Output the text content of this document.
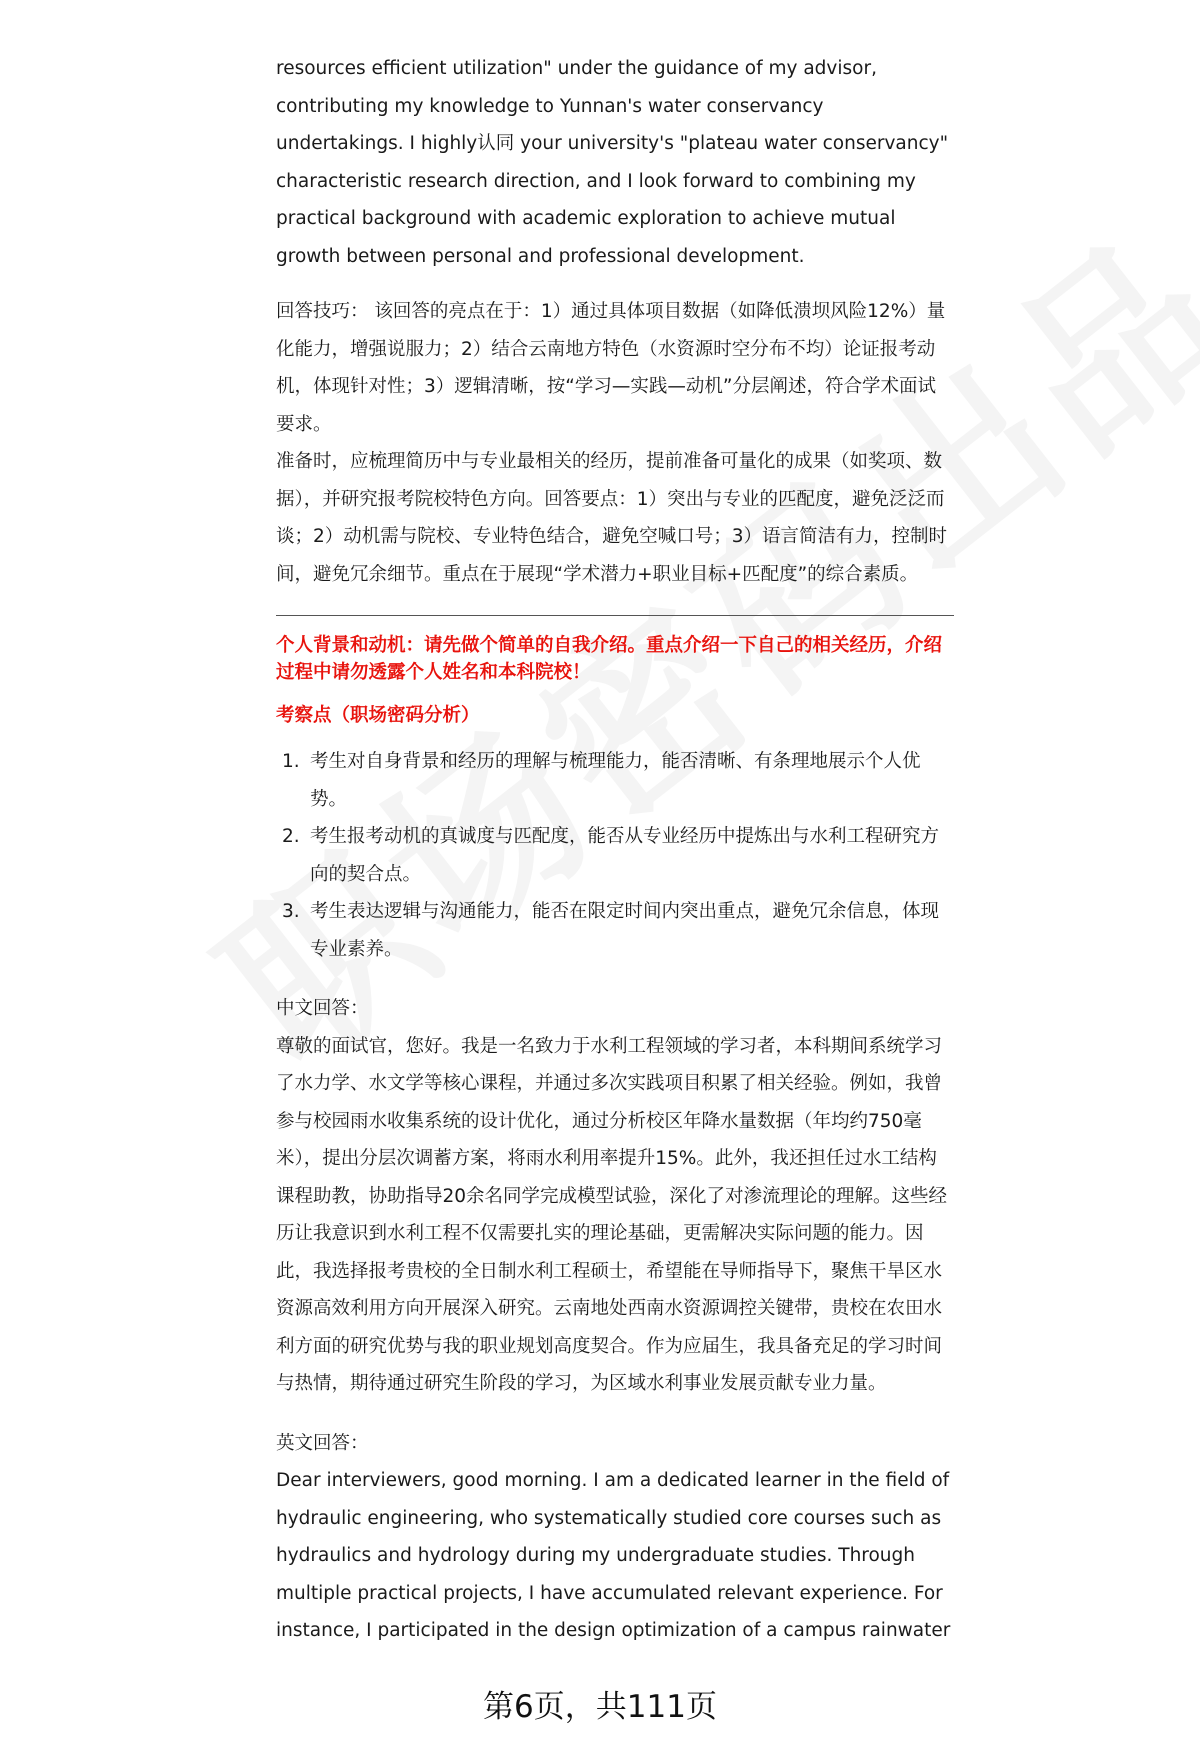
resources efficient utilization" under the guidance of my advisor, contributing my knowledge to Yunnan's water conservancy undertakings. I highly认同 your university's "plateau water conservancy" characteristic research direction, and I look forward to combining my practical background with academic exploration to achieve mutual growth between personal and professional development.

回答技巧： 该回答的亮点在于：1）通过具体项目数据（如降低溃坝风险12%）量化能力，增强说服力；2）结合云南地方特色（水资源时空分布不均）论证报考动机，体现针对性；3）逻辑清晰，按“学习—实践—动机”分层阐述，符合学术面试要求。

准备时，应梳理简历中与专业最相关的经历，提前准备可量化的成果（如奖项、数据），并研究报考院校特色方向。回答要点：1）突出与专业的匹配度，避免泛泛而谈；2）动机需与院校、专业特色结合，避免空喊口号；3）语言简洁有力，控制时间，避免冗余细节。重点在于展现“学术潜力+职业目标+匹配度”的综合素质。

个人背景和动机：请先做个简单的自我介绍。重点介绍一下自己的相关经历，介绍过程中请勿透露个人姓名和本科院校！
考察点（职场密码分析）
1. 考生对自身背景和经历的理解与梳理能力，能否清晰、有条理地展示个人优势。
2. 考生报考动机的真诚度与匹配度，能否从专业经历中提炼出与水利工程研究方向的契合点。
3. 考生表达逻辑与沟通能力，能否在限定时间内突出重点，避免冗余信息，体现专业素养。
中文回答：

尊敬的面试官，您好。我是一名致力于水利工程领域的学习者，本科期间系统学习了水力学、水文学等核心课程，并通过多次实践项目积累了相关经验。例如，我曾参与校园雨水收集系统的设计优化，通过分析校区年降水量数据（年均约750毫米），提出分层次调蓄方案，将雨水利用率提升15%。此外，我还担任过水工结构课程助教，协助指导20余名同学完成模型试验，深化了对渗流理论的理解。这些经历让我意识到水利工程不仅需要扎实的理论基础，更需解决实际问题的能力。因此，我选择报考贵校的全日制水利工程硕士，希望能在导师指导下，聚焦干旱区水资源高效利用方向开展深入研究。云南地处西南水资源调控关键带，贵校在农田水利方面的研究优势与我的职业规划高度契合。作为应届生，我具备充足的学习时间与热情，期待通过研究生阶段的学习，为区域水利事业发展贡献专业力量。

英文回答：

Dear interviewers, good morning. I am a dedicated learner in the field of hydraulic engineering, who systematically studied core courses such as hydraulics and hydrology during my undergraduate studies. Through multiple practical projects, I have accumulated relevant experience. For instance, I participated in the design optimization of a campus rainwater

第6页，共111页
